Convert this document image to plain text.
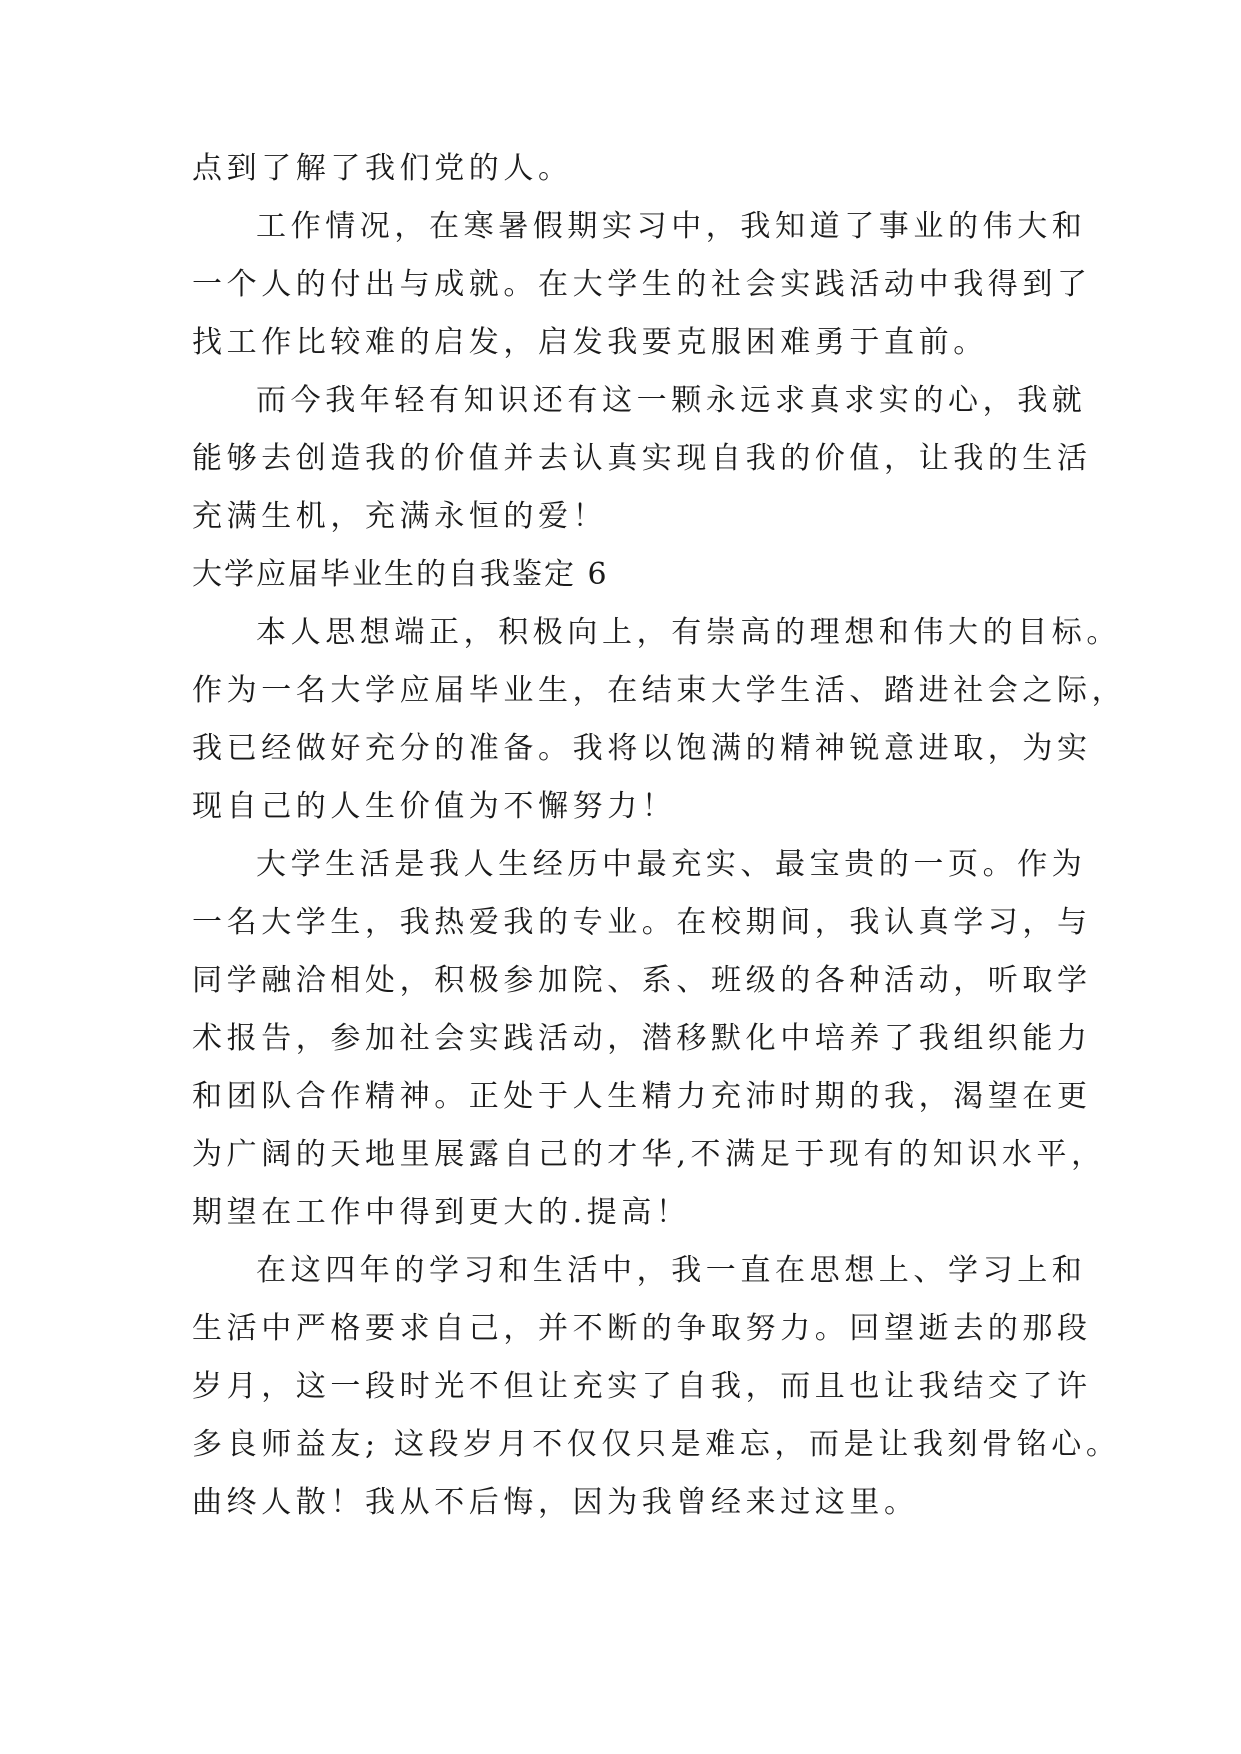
点到了解了我们党的人。
工作情况，在寒暑假期实习中，我知道了事业的伟大和
一个人的付出与成就。在大学生的社会实践活动中我得到了
找工作比较难的启发，启发我要克服困难勇于直前。
而今我年轻有知识还有这一颗永远求真求实的心，我就
能够去创造我的价值并去认真实现自我的价值，让我的生活
充满生机，充满永恒的爱！
大学应届毕业生的自我鉴定 6
本人思想端正，积极向上，有崇高的理想和伟大的目标。
作为一名大学应届毕业生，在结束大学生活、踏进社会之际，
我已经做好充分的准备。我将以饱满的精神锐意进取，为实
现自己的人生价值为不懈努力！
大学生活是我人生经历中最充实、最宝贵的一页。作为
一名大学生，我热爱我的专业。在校期间，我认真学习，与
同学融洽相处，积极参加院、系、班级的各种活动，听取学
术报告，参加社会实践活动，潜移默化中培养了我组织能力
和团队合作精神。正处于人生精力充沛时期的我，渴望在更
为广阔的天地里展露自己的才华,不满足于现有的知识水平，
期望在工作中得到更大的.提高！
在这四年的学习和生活中，我一直在思想上、学习上和
生活中严格要求自己，并不断的争取努力。回望逝去的那段
岁月，这一段时光不但让充实了自我，而且也让我结交了许
多良师益友; 这段岁月不仅仅只是难忘，而是让我刻骨铭心。
曲终人散！我从不后悔，因为我曾经来过这里。
